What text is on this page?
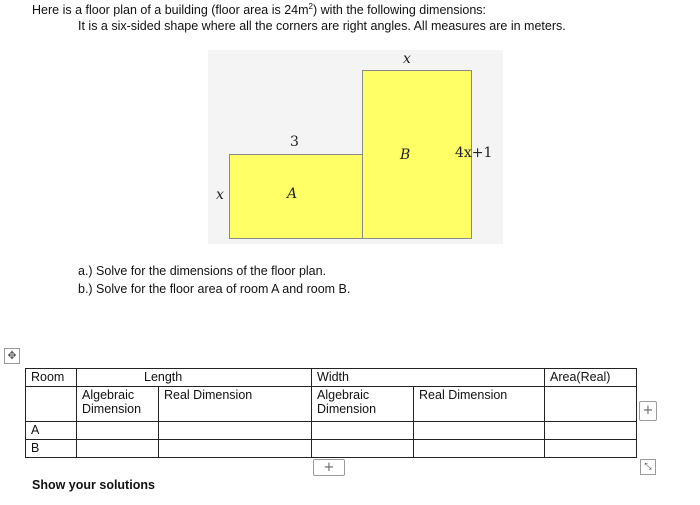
Here is a floor plan of a building (floor area is $24m^2$) with the following dimensions:
It is a six-sided shape where all the corners are right angles. All measures are in meters.
x
3
B	4x+1
x	A
a.) Solve for the dimensions of the floor plan.
b.) Solve for the floor area of room A and room B.
✥
Room	Length		Width		Area(Real)
	Algebraic Dimension	Real Dimension	Algebraic Dimension	Real Dimension	
A					
B					
+
+	⤡
Show your solutions
